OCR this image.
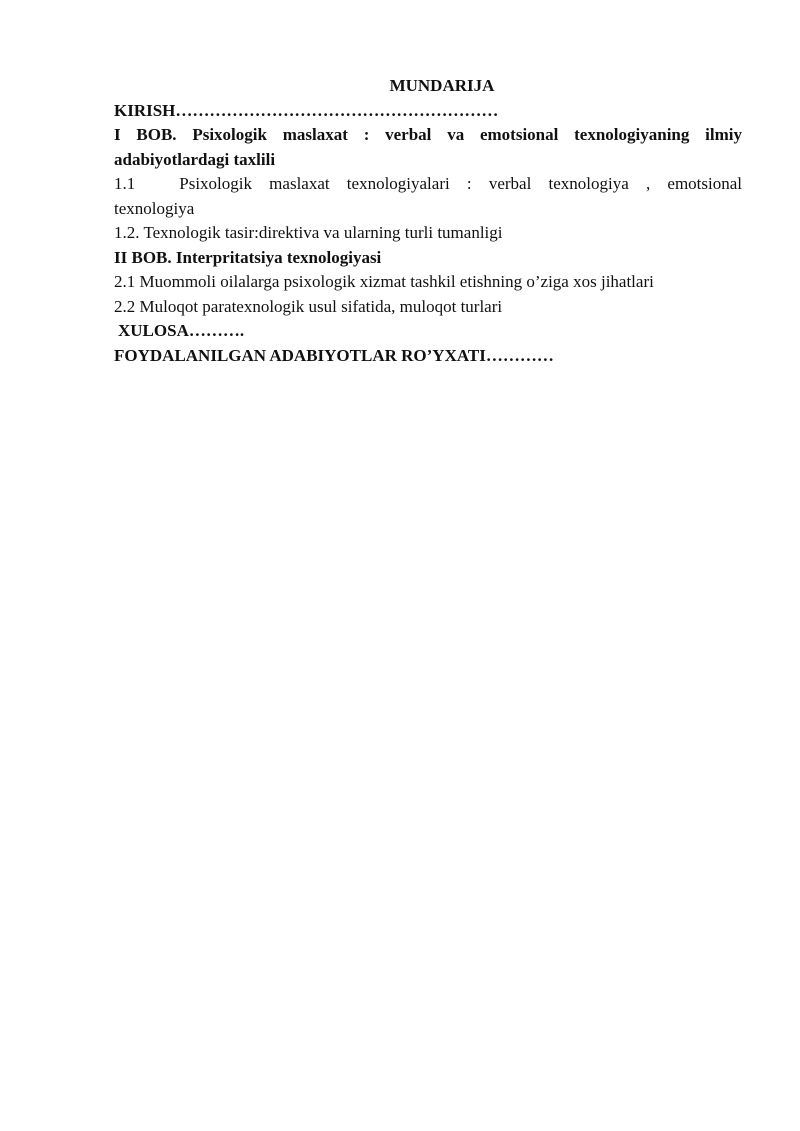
MUNDARIJA

KIRISH…………………………………………………

I BOB. Psixologik maslaxat : verbal va emotsional texnologiyaning ilmiy

adabiyotlardagi taxlili

1.1	Psixologik maslaxat texnologiyalari : verbal texnologiya , emotsional

texnologiya

1.2. Texnologik tasir:direktiva va ularning turli tumanligi

II BOB. Interpritatsiya texnologiyasi

2.1 Muommoli oilalarga psixologik xizmat tashkil etishning o’ziga xos jihatlari

2.2 Muloqot paratexnologik usul sifatida, muloqot turlari

XULOSA……….

FOYDALANILGAN ADABIYOTLAR RO’YXATI…………
